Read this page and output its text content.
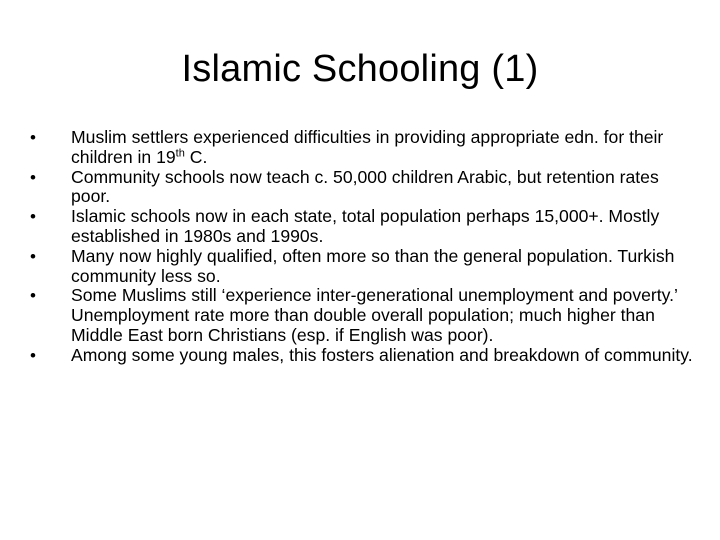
Islamic Schooling (1)
•	Muslim settlers experienced difficulties in providing appropriate edn. for their children in 19th C.
•	Community schools now teach c. 50,000 children Arabic, but retention rates poor.
•	Islamic schools now in each state, total population perhaps 15,000+. Mostly established in 1980s and 1990s.
•	Many now highly qualified, often more so than the general population. Turkish community less so.
•	Some Muslims still ‘experience inter-generational unemployment and poverty.’ Unemployment rate more than double overall population; much higher than Middle East born Christians (esp. if English was poor).
•	Among some young males, this fosters alienation and breakdown of community.
